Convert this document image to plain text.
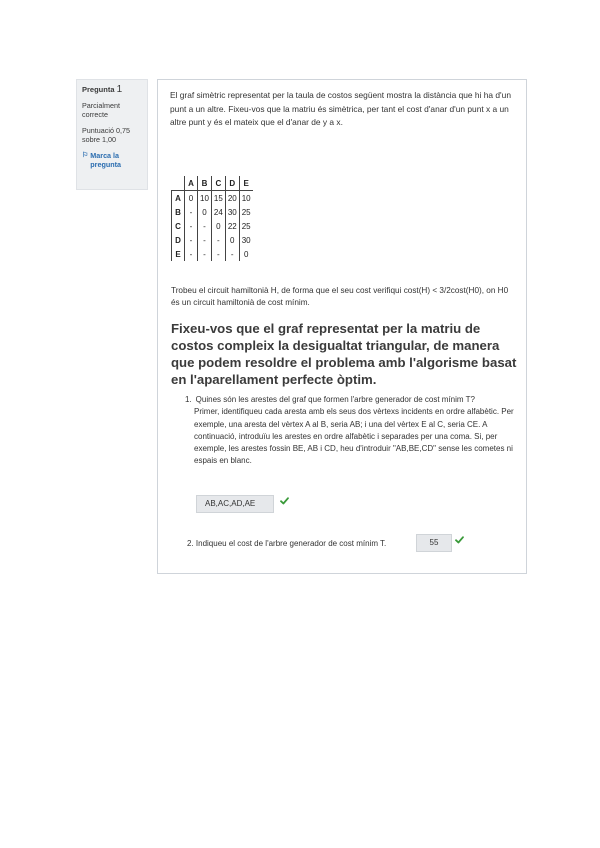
Pregunta 1
Parcialment correcte
Puntuació 0,75 sobre 1,00
⚐ Marca la pregunta
El graf simètric representat per la taula de costos següent mostra la distància que hi ha d'un punt a un altre. Fixeu-vos que la matriu és simètrica, per tant el cost d'anar d'un punt x a un altre punt y és el mateix que el d'anar de y a x.
	A	B	C	D	E
A	0	10	15	20	10
B	-	0	24	30	25
C	-	-	0	22	25
D	-	-	-	0	30
E	-	-	-	-	0
Trobeu el circuit hamiltonià H, de forma que el seu cost verifiqui cost(H) < 3/2cost(H0), on H0 és un circuit hamiltonià de cost mínim.
Fixeu-vos que el graf representat per la matriu de costos compleix la desigualtat triangular, de manera que podem resoldre el problema amb l'algorisme basat en l'aparellament perfecte òptim.
1. Quines són les arestes del graf que formen l'arbre generador de cost mínim T?
Primer, identifiqueu cada aresta amb els seus dos vèrtexs incidents en ordre alfabètic. Per exemple, una aresta del vèrtex A al B, seria AB; i una del vèrtex E al C, seria CE. A continuació, introduïu les arestes en ordre alfabètic i separades per una coma. Si, per exemple, les arestes fossin BE, AB i CD, heu d'introduir "AB,BE,CD" sense les cometes ni espais en blanc.
AB,AC,AD,AE
2. Indiqueu el cost de l'arbre generador de cost mínim T.	55
